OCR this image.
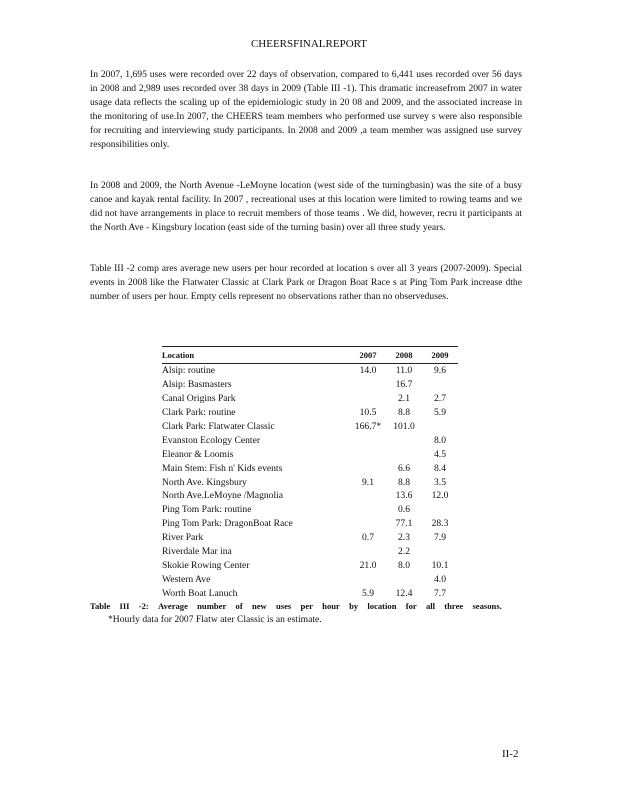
CHEERSFINALREPORT

In 2007, 1,695 uses were recorded over 22 days of observation, compared to 6,441 uses recorded over 56 days in 2008 and 2,989 uses recorded over 38 days in 2009 (Table III -1). This dramatic increasefrom 2007 in water usage data reflects the scaling up of the epidemiologic study in 20 08 and 2009, and the associated increase in the monitoring of use.In 2007, the CHEERS team members who performed use survey s were also responsible for recruiting and interviewing study participants. In 2008 and 2009 ,a team member was assigned use survey responsibilities only.

In 2008 and 2009, the North Avenue -LeMoyne location (west side of the turningbasin) was the site of a busy canoe and kayak rental facility. In 2007 , recreational uses at this location were limited to rowing teams and we did not have arrangements in place to recruit members of those teams . We did, however, recru it participants at the North Ave - Kingsbury location (east side of the turning basin) over all three study years.

Table III -2 comp ares average new users per hour recorded at location s over all 3 years (2007-2009). Special events in 2008 like the Flatwater Classic at Clark Park or Dragon Boat Race s at Ping Tom Park increase dthe number of users per hour. Empty cells represent no observations rather than no observeduses.

Location	2007	2008	2009
Alsip: routine	14.0	11.0	9.6
Alsip: Basmasters		16.7	
Canal Origins Park		2.1	2.7
Clark Park: routine	10.5	8.8	5.9
Clark Park: Flatwater Classic	166.7*	101.0	
Evanston Ecology Center			8.0
Eleanor & Loomis			4.5
Main Stem: Fish n' Kids events		6.6	8.4
North Ave. Kingsbury	9.1	8.8	3.5
North Ave.LeMoyne /Magnolia		13.6	12.0
Ping Tom Park: routine		0.6	
Ping Tom Park: DragonBoat Race		77.1	28.3
River Park	0.7	2.3	7.9
Riverdale Mar ina		2.2	
Skokie Rowing Center	21.0	8.0	10.1
Western Ave			4.0
Worth Boat Lanuch	5.9	12.4	7.7
Table III -2: Average number of new uses per hour by location for all three seasons.
*Hourly data for 2007 Flatw ater Classic is an estimate.
II-2
